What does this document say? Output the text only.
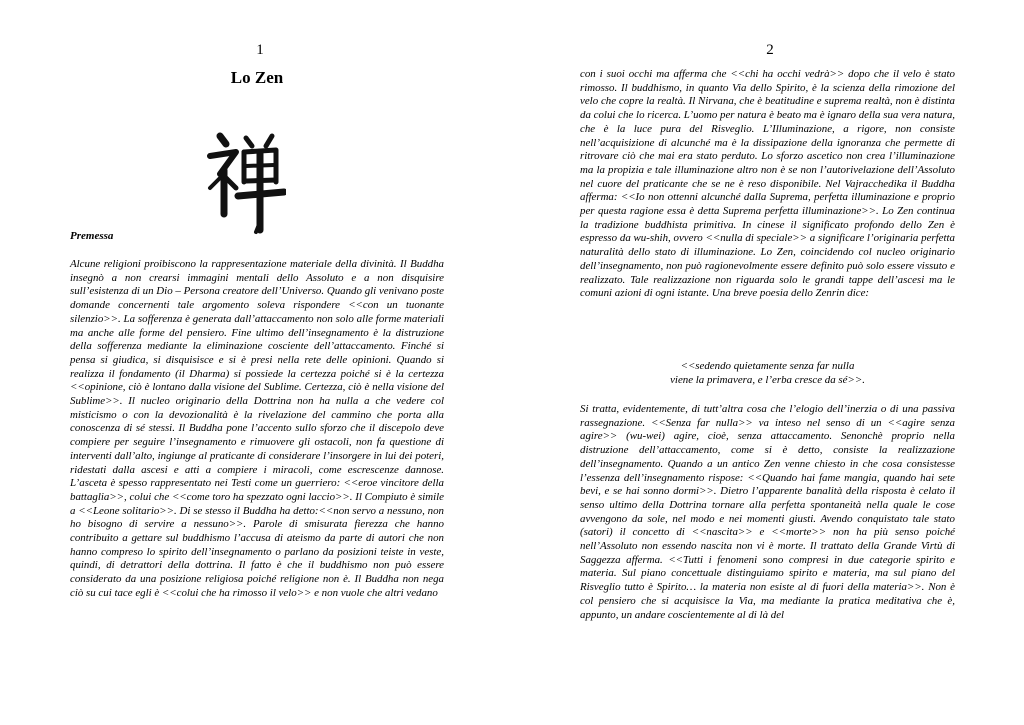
1
Lo Zen
Premessa

Alcune religioni proibiscono la rappresentazione materiale della divinità. Il Buddha insegnò a non crearsi immagini mentali dello Assoluto e a non disquisire sull’esistenza di un Dio – Persona creatore dell’Universo. Quando gli venivano poste domande concernenti tale argomento soleva rispondere <<con un tuonante silenzio>>. La sofferenza è generata dall’attaccamento non solo alle forme materiali ma anche alle forme del pensiero. Fine ultimo dell’insegnamento è la distruzione della sofferenza mediante la eliminazione cosciente dell’attaccamento. Finché si pensa si giudica, si disquisisce e si è presi nella rete delle opinioni. Quando si realizza il fondamento (il Dharma) si possiede la certezza poiché si è la certezza <<opinione, ciò è lontano dalla visione del Sublime. Certezza, ciò è nella visione del Sublime>>. Il nucleo originario della Dottrina non ha nulla a che vedere col misticismo o con la devozionalità è la rivelazione del cammino che porta alla conoscenza di sé stessi. Il Buddha pone l’accento sullo sforzo che il discepolo deve compiere per seguire l’insegnamento e rimuovere gli ostacoli, non fa questione di interventi dall’alto, ingiunge al praticante di considerare l’insorgere in lui dei poteri, ridestati dalla ascesi e atti a compiere i miracoli, come escrescenze dannose. L’asceta è spesso rappresentato nei Testi come un guerriero: <<eroe vincitore della battaglia>>, colui che <<come toro ha spezzato ogni laccio>>. Il Compiuto è simile a <<Leone solitario>>. Di se stesso il Buddha ha detto:<<non servo a nessuno, non ho bisogno di servire a nessuno>>. Parole di smisurata fierezza che hanno contribuito a gettare sul buddhismo l’accusa di ateismo da parte di autori che non hanno compreso lo spirito dell’insegnamento o parlano da posizioni teiste in veste, quindi, di detrattori della dottrina. Il fatto è che il buddhismo non può essere considerato da una posizione religiosa poiché religione non è. Il Buddha non nega ciò su cui tace egli è <<colui che ha rimosso il velo>> e non vuole che altri vedano

2

con i suoi occhi ma afferma che <<chi ha occhi vedrà>> dopo che il velo è stato rimosso. Il buddhismo, in quanto Via dello Spirito, è la scienza della rimozione del velo che copre la realtà. Il Nirvana, che è beatitudine e suprema realtà, non è distinta da colui che lo ricerca. L’uomo per natura è beato ma è ignaro della sua vera natura, che è la luce pura del Risveglio. L’Illuminazione, a rigore, non consiste nell’acquisizione di alcunché ma è la dissipazione della ignoranza che permette di ritrovare ciò che mai era stato perduto. Lo sforzo ascetico non crea l’illuminazione ma la propizia e tale illuminazione altro non è se non l’autorivelazione dell’Assoluto nel cuore del praticante che se ne è reso disponibile. Nel Vajracchedika il Buddha afferma: <<Io non ottenni alcunché dalla Suprema, perfetta illuminazione e proprio per questa ragione essa è detta Suprema perfetta illuminazione>>. Lo Zen continua la tradizione buddhista primitiva. In cinese il significato profondo dello Zen è espresso da wu-shih, ovvero <<nulla di speciale>> a significare l’originaria perfetta naturalità dello stato di illuminazione. Lo Zen, coincidendo col nucleo originario dell’insegnamento, non può ragionevolmente essere definito può solo essere vissuto e realizzato. Tale realizzazione non riguarda solo le grandi tappe dell’ascesi ma le comuni azioni di ogni istante. Una breve poesia dello Zenrin dice:

<<sedendo quietamente senza far nulla
viene la primavera, e l’erba cresce da sé>>.

Si tratta, evidentemente, di tutt’altra cosa che l’elogio dell’inerzia o di una passiva rassegnazione. <<Senza far nulla>> va inteso nel senso di un <<agire senza agire>> (wu-wei) agire, cioè, senza attaccamento. Senonchè proprio nella distruzione dell’attaccamento, come si è detto, consiste la realizzazione dell’insegnamento. Quando a un antico Zen venne chiesto in che cosa consistesse l’essenza dell’insegnamento rispose: <<Quando hai fame mangia, quando hai sete bevi, e se hai sonno dormi>>. Dietro l’apparente banalità della risposta è celato il senso ultimo della Dottrina tornare alla perfetta spontaneità nella quale le cose avvengono da sole, nel modo e nei momenti giusti. Avendo conquistato tale stato (satori) il concetto di <<nascita>> e <<morte>> non ha più senso poiché nell’Assoluto non essendo nascita non vi è morte. Il trattato della Grande Virtù di Saggezza afferma. <<Tutti i fenomeni sono compresi in due categorie spirito e materia. Sul piano concettuale distinguiamo spirito e materia, ma sul piano del Risveglio tutto è Spirito… la materia non esiste al di fuori della materia>>. Non è col pensiero che si acquisisce la Via, ma mediante la pratica meditativa che è, appunto, un andare coscientemente al di là del
